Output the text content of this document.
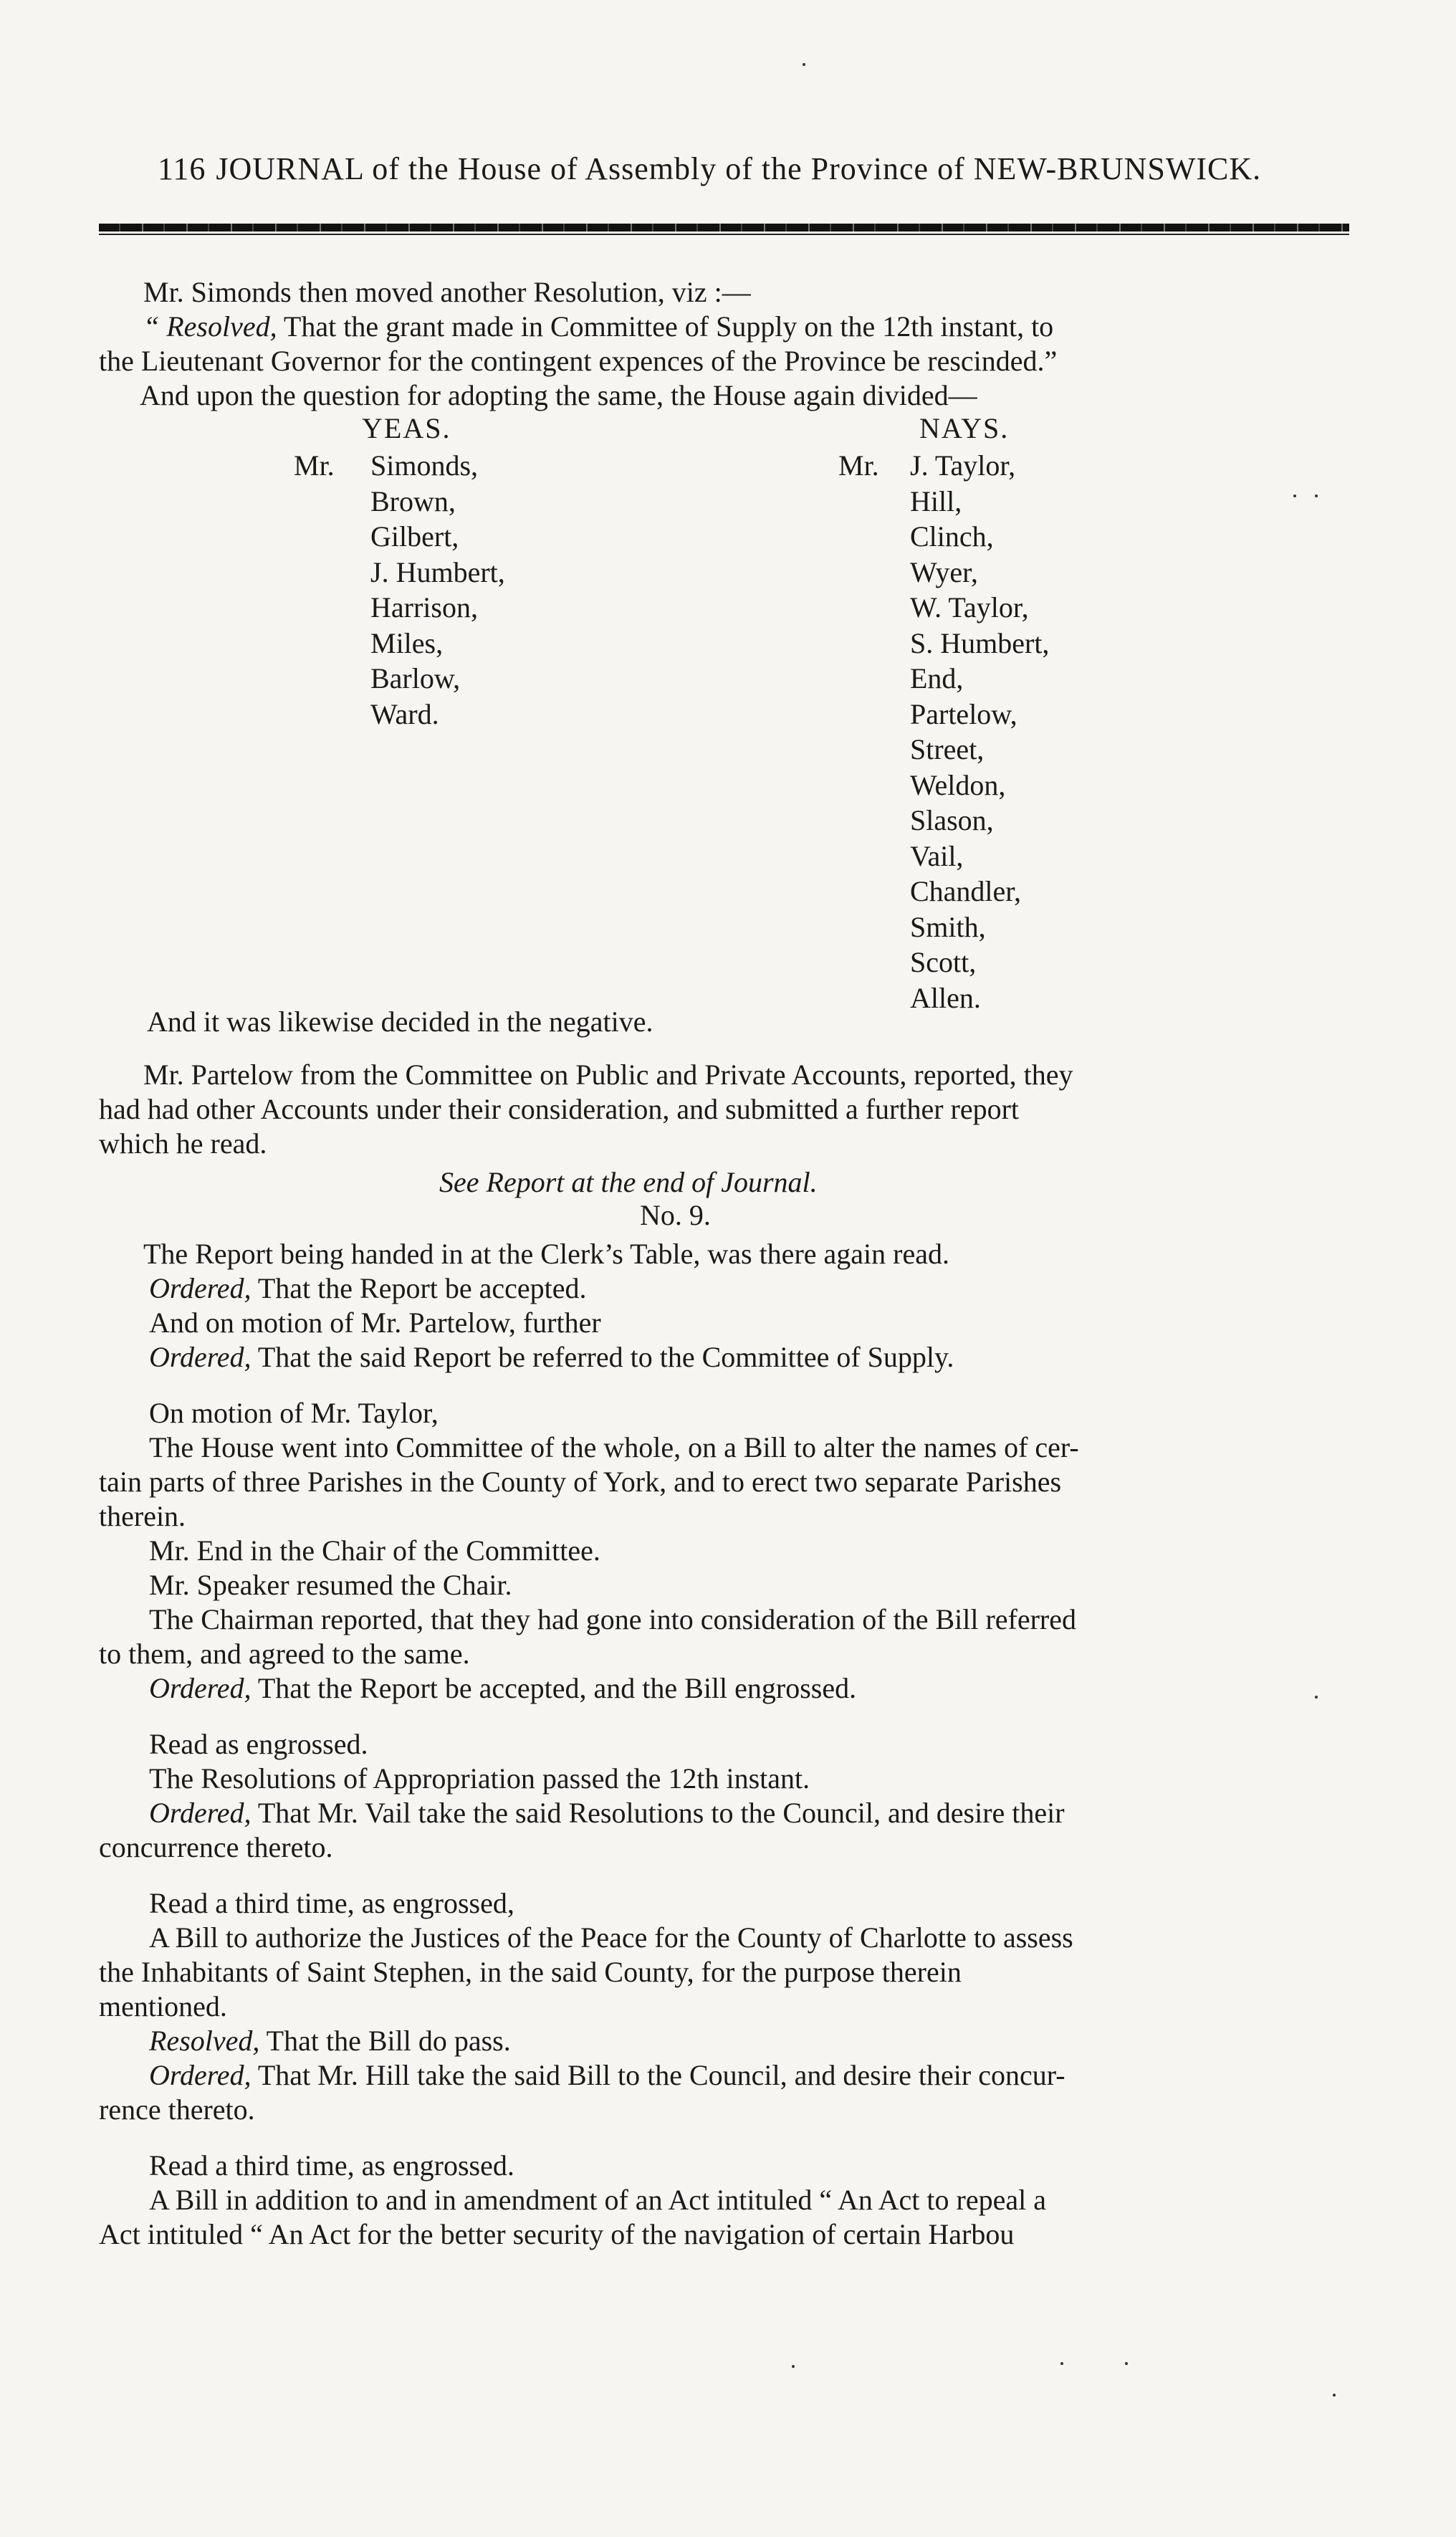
116 JOURNAL of the House of Assembly of the Province of NEW-BRUNSWICK.
Mr. Simonds then moved another Resolution, viz :—
“ Resolved, That the grant made in Committee of Supply on the 12th instant, to
the Lieutenant Governor for the contingent expences of the Province be rescinded.”
And upon the question for adopting the same, the House again divided—
YEAS.	NAYS.
Mr. Simonds,
Brown,
Gilbert,
J. Humbert,
Harrison,
Miles,
Barlow,
Ward.
Mr. J. Taylor,
Hill,
Clinch,
Wyer,
W. Taylor,
S. Humbert,
End,
Partelow,
Street,
Weldon,
Slason,
Vail,
Chandler,
Smith,
Scott,
Allen.
And it was likewise decided in the negative.
Mr. Partelow from the Committee on Public and Private Accounts, reported, they
had had other Accounts under their consideration, and submitted a further report
which he read.
See Report at the end of Journal.
No. 9.
The Report being handed in at the Clerk’s Table, was there again read.
Ordered, That the Report be accepted.
And on motion of Mr. Partelow, further
Ordered, That the said Report be referred to the Committee of Supply.
On motion of Mr. Taylor,
The House went into Committee of the whole, on a Bill to alter the names of cer-
tain parts of three Parishes in the County of York, and to erect two separate Parishes
therein.
Mr. End in the Chair of the Committee.
Mr. Speaker resumed the Chair.
The Chairman reported, that they had gone into consideration of the Bill referred
to them, and agreed to the same.
Ordered, That the Report be accepted, and the Bill engrossed.
Read as engrossed.
The Resolutions of Appropriation passed the 12th instant.
Ordered, That Mr. Vail take the said Resolutions to the Council, and desire their
concurrence thereto.
Read a third time, as engrossed,
A Bill to authorize the Justices of the Peace for the County of Charlotte to assess
the Inhabitants of Saint Stephen, in the said County, for the purpose therein
mentioned.
Resolved, That the Bill do pass.
Ordered, That Mr. Hill take the said Bill to the Council, and desire their concur-
rence thereto.
Read a third time, as engrossed.
A Bill in addition to and in amendment of an Act intituled “ An Act to repeal a
Act intituled “ An Act for the better security of the navigation of certain Harbou
